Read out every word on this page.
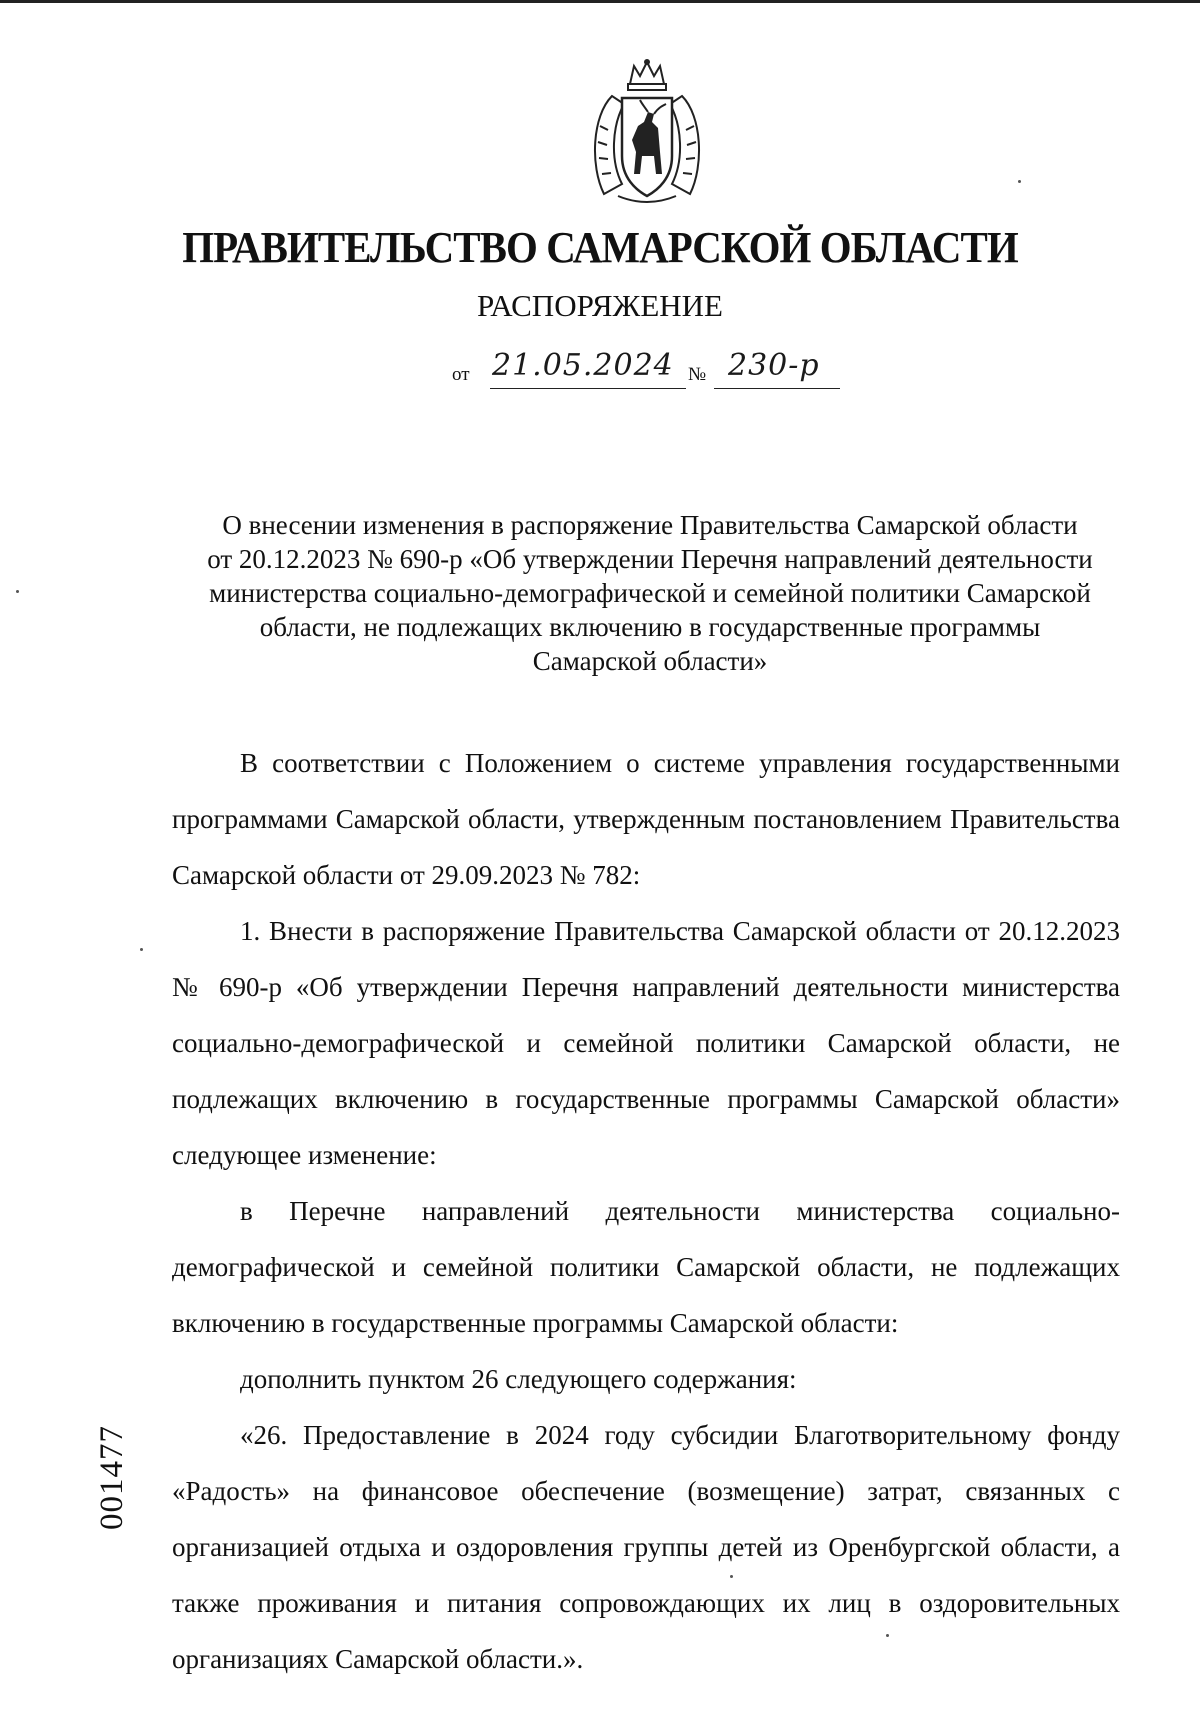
ПРАВИТЕЛЬСТВО САМАРСКОЙ ОБЛАСТИ
РАСПОРЯЖЕНИЕ
от 21.05.2024 № 230-р
О внесении изменения в распоряжение Правительства Самарской области
от 20.12.2023 № 690-р «Об утверждении Перечня направлений деятельности
министерства социально-демографической и семейной политики Самарской
области, не подлежащих включению в государственные программы
Самарской области»

В соответствии с Положением о системе управления государственными программами Самарской области, утвержденным постановлением Правительства Самарской области от 29.09.2023 № 782:

1. Внести в распоряжение Правительства Самарской области от 20.12.2023 № 690-р «Об утверждении Перечня направлений деятельности министерства социально-демографической и семейной политики Самарской области, не подлежащих включению в государственные программы Самарской области» следующее изменение:

в Перечне направлений деятельности министерства социально-демографической и семейной политики Самарской области, не подлежащих включению в государственные программы Самарской области:

дополнить пунктом 26 следующего содержания:

«26. Предоставление в 2024 году субсидии Благотворительному фонду «Радость» на финансовое обеспечение (возмещение) затрат, связанных с организацией отдыха и оздоровления группы детей из Оренбургской области, а также проживания и питания сопровождающих их лиц в оздоровительных организациях Самарской области.».

001477
